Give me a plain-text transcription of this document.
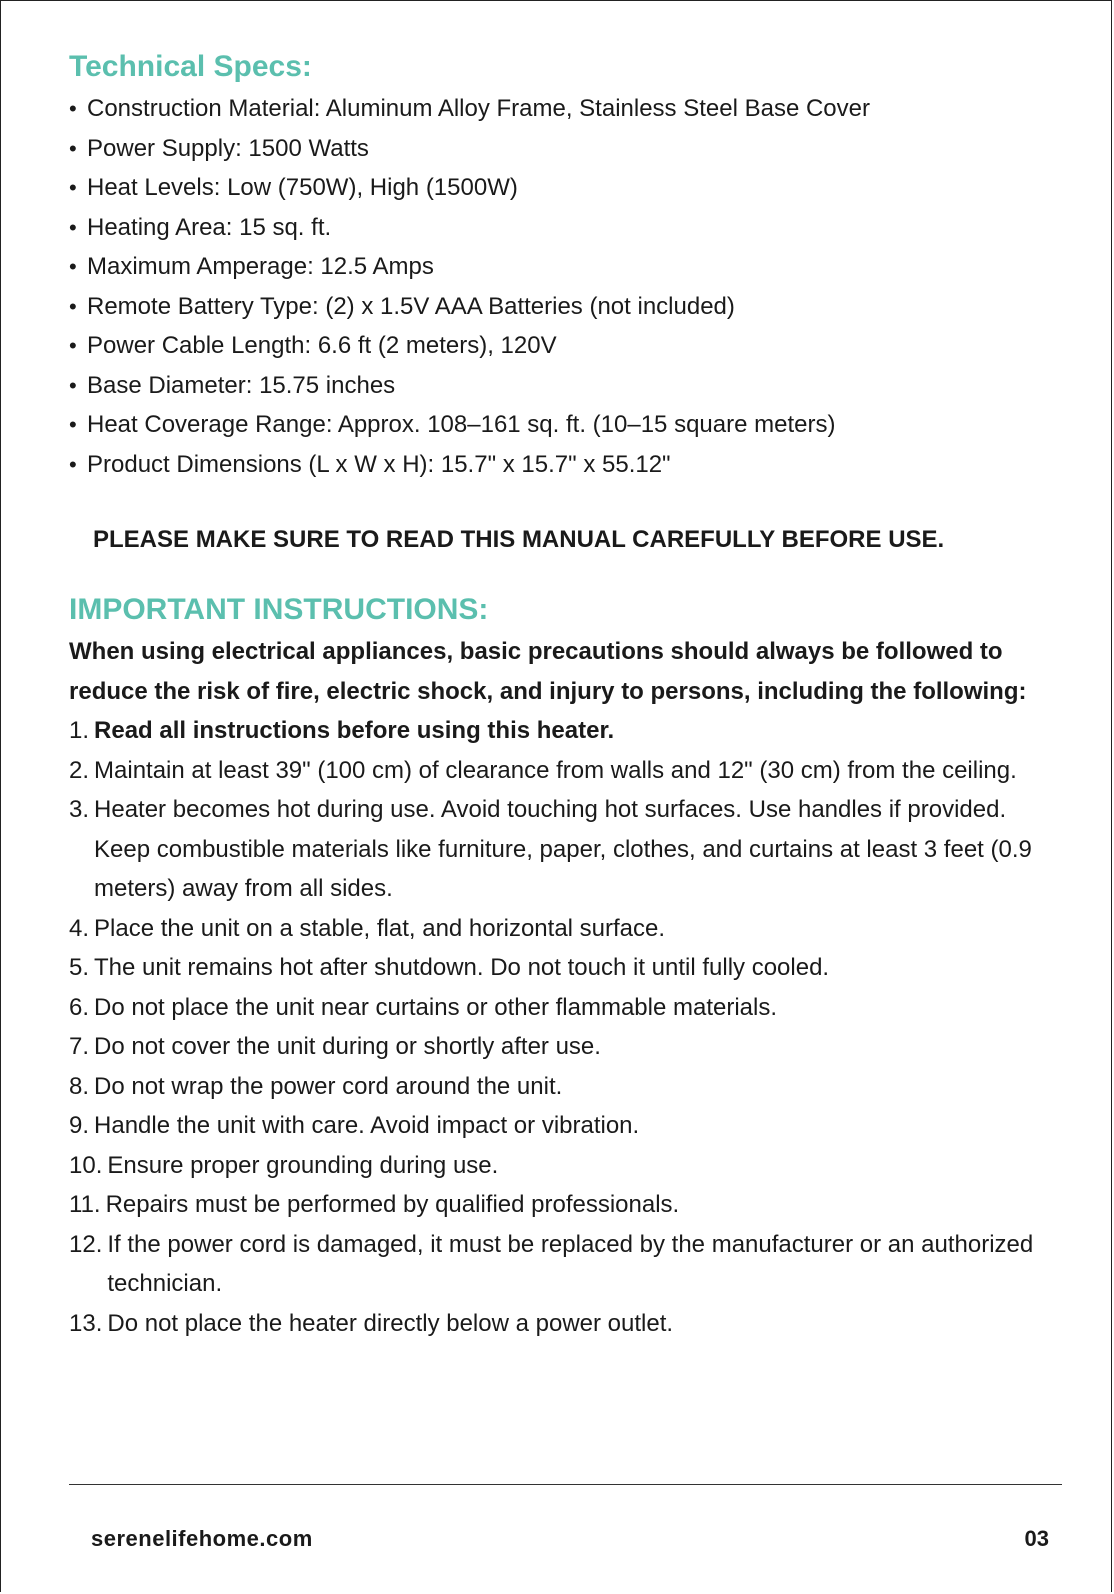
Technical Specs:
• Construction Material: Aluminum Alloy Frame, Stainless Steel Base Cover
• Power Supply: 1500 Watts
• Heat Levels: Low (750W), High (1500W)
• Heating Area: 15 sq. ft.
• Maximum Amperage: 12.5 Amps
• Remote Battery Type: (2) x 1.5V AAA Batteries (not included)
• Power Cable Length: 6.6 ft (2 meters), 120V
• Base Diameter: 15.75 inches
• Heat Coverage Range: Approx. 108–161 sq. ft. (10–15 square meters)
• Product Dimensions (L x W x H): 15.7" x 15.7" x 55.12"

PLEASE MAKE SURE TO READ THIS MANUAL CAREFULLY BEFORE USE.

IMPORTANT INSTRUCTIONS:

When using electrical appliances, basic precautions should always be followed to reduce the risk of fire, electric shock, and injury to persons, including the following:

1. Read all instructions before using this heater.
2. Maintain at least 39" (100 cm) of clearance from walls and 12" (30 cm) from the ceiling.
3. Heater becomes hot during use. Avoid touching hot surfaces. Use handles if provided. Keep combustible materials like furniture, paper, clothes, and curtains at least 3 feet (0.9 meters) away from all sides.
4. Place the unit on a stable, flat, and horizontal surface.
5. The unit remains hot after shutdown. Do not touch it until fully cooled.
6. Do not place the unit near curtains or other flammable materials.
7. Do not cover the unit during or shortly after use.
8. Do not wrap the power cord around the unit.
9. Handle the unit with care. Avoid impact or vibration.
10. Ensure proper grounding during use.
11. Repairs must be performed by qualified professionals.
12. If the power cord is damaged, it must be replaced by the manufacturer or an authorized technician.
13. Do not place the heater directly below a power outlet.
serenelifehome.com	03
